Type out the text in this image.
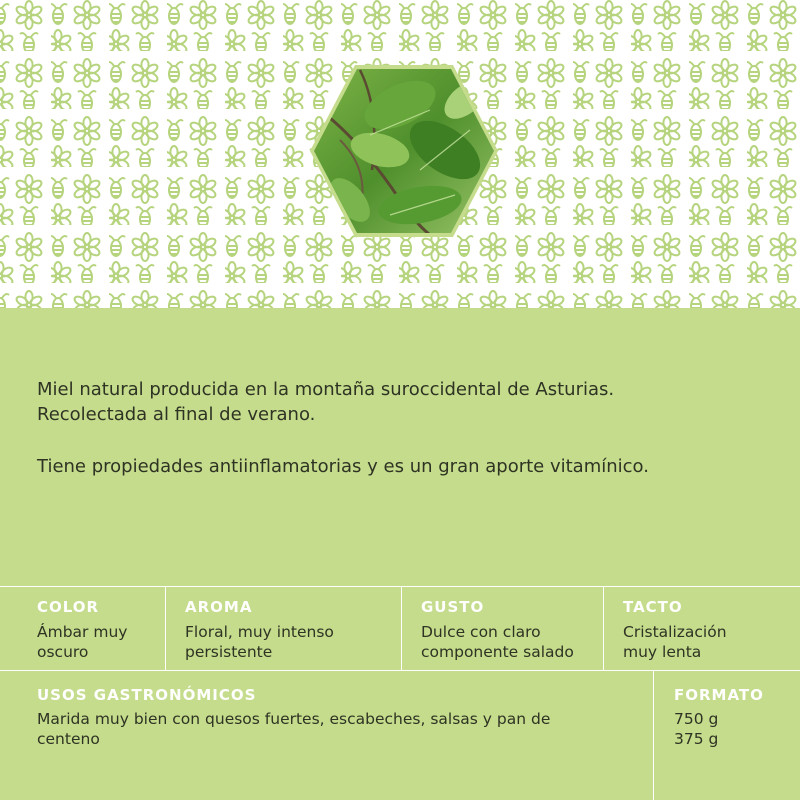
Miel natural producida en la montaña suroccidental de Asturias.

Recolectada al final de verano.

Tiene propiedades antiinflamatorias y es un gran aporte vitamínico.

COLOR
Ámbar muy
oscuro
AROMA
Floral, muy intenso
persistente
GUSTO
Dulce con claro
componente salado
TACTO
Cristalización
muy lenta
USOS GASTRONÓMICOS
Marida muy bien con quesos fuertes, escabeches, salsas y pan de
centeno
FORMATO
750 g
375 g
